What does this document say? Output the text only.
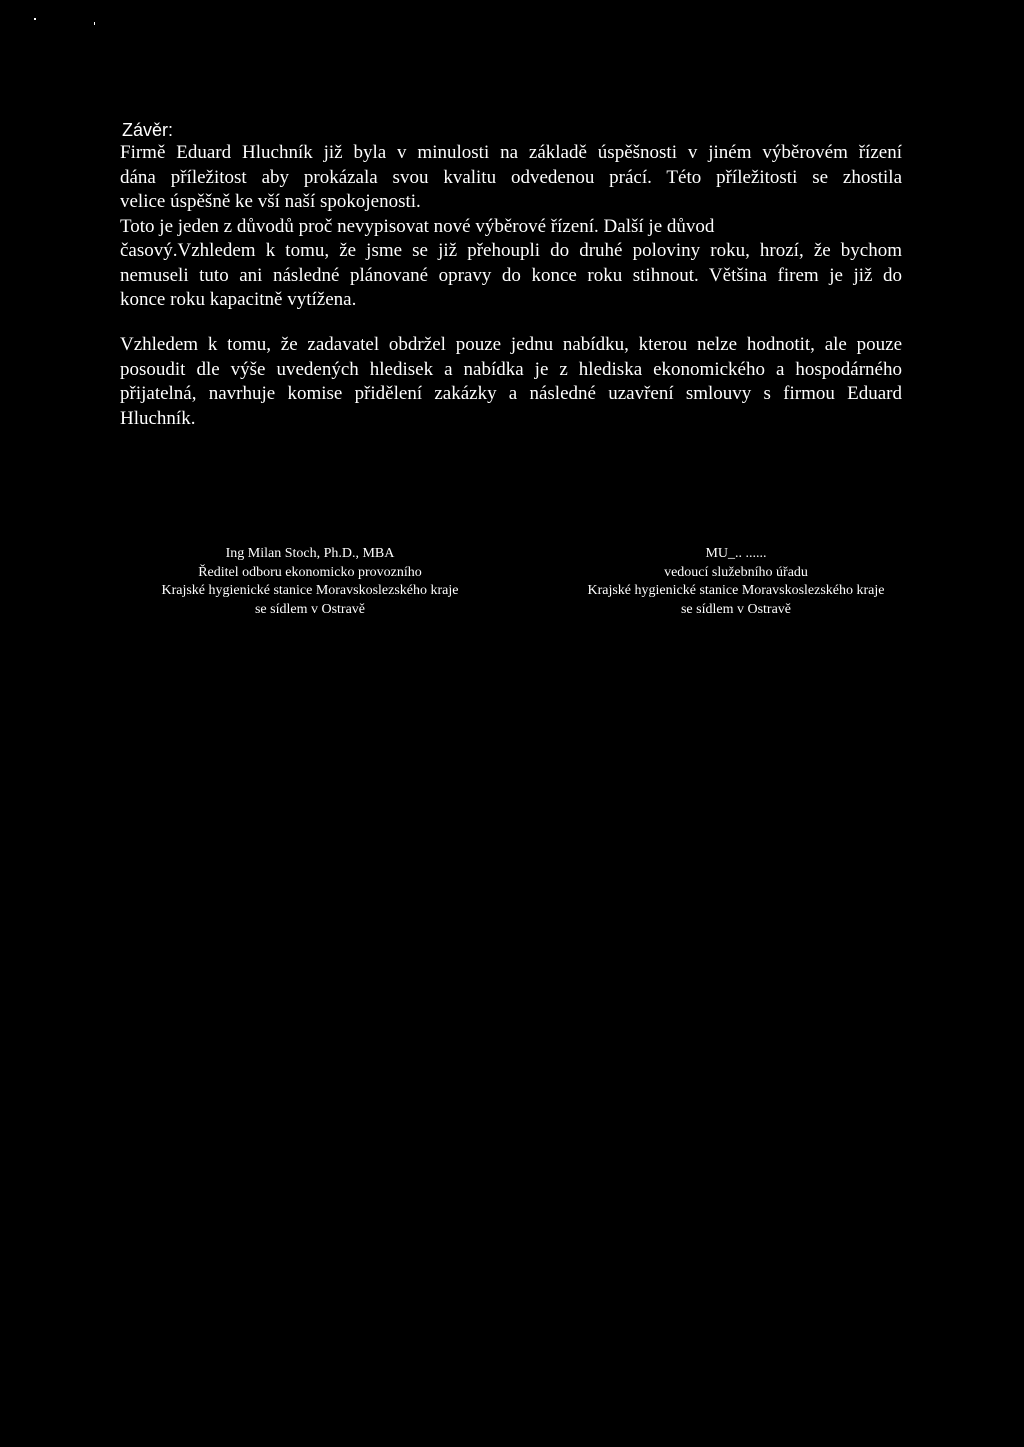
Závěr:
Firmě Eduard Hluchník již byla v minulosti na základě úspěšnosti v jiném výběrovém řízení
dána příležitost aby prokázala svou kvalitu odvedenou prácí. Této příležitosti se zhostila
velice úspěšně ke vší naší spokojenosti.
Toto je jeden z důvodů proč nevypisovat nové výběrové řízení. Další je důvod
časový.Vzhledem k tomu, že jsme se již přehoupli do druhé poloviny roku, hrozí, že bychom
nemuseli tuto ani následné plánované opravy do konce roku stihnout. Většina firem je již do
konce roku kapacitně vytížena.
Vzhledem k tomu, že zadavatel obdržel pouze jednu nabídku, kterou nelze hodnotit, ale pouze
posoudit dle výše uvedených hledisek a nabídka je z hlediska ekonomického a hospodárného
přijatelná, navrhuje komise přidělení zakázky a následné uzavření smlouvy s firmou Eduard
Hluchník.
Ing Milan Stoch, Ph.D., MBA
Ředitel odboru ekonomicko provozního
Krajské hygienické stanice Moravskoslezského kraje
se sídlem v Ostravě
MU_.. ......
vedoucí služebního úřadu
Krajské hygienické stanice Moravskoslezského kraje
se sídlem v Ostravě
